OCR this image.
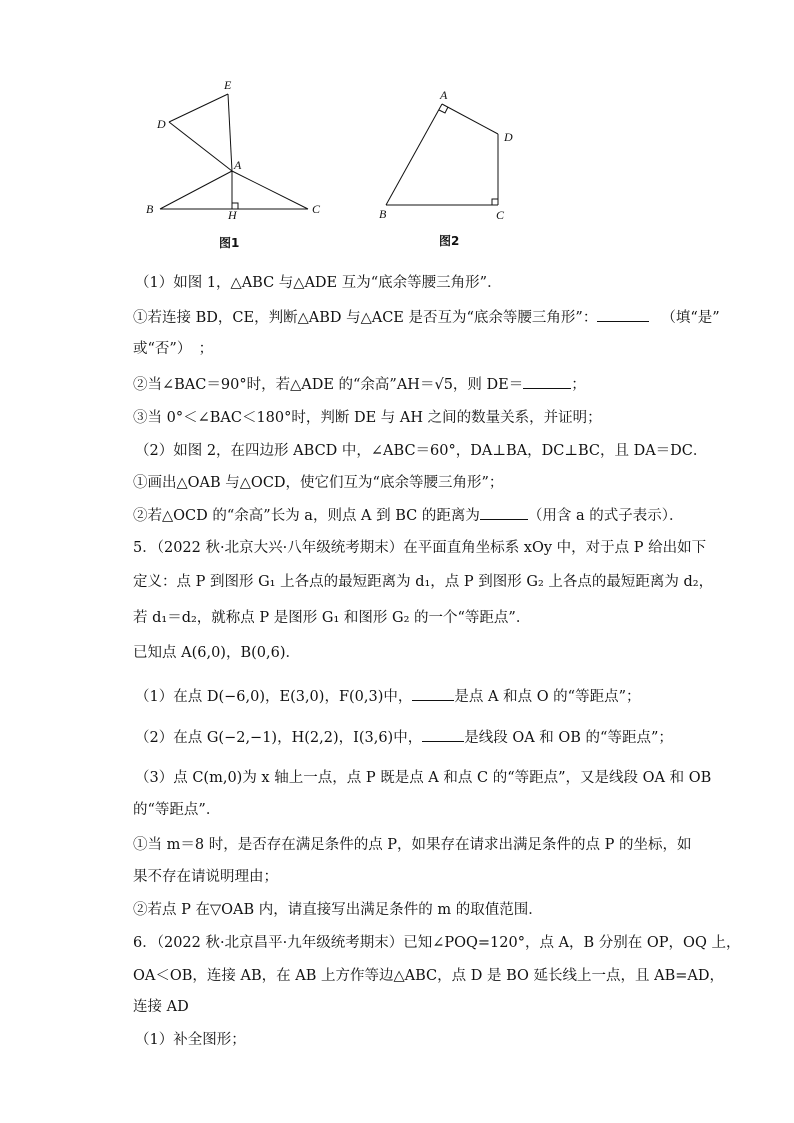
E
D
A
B	H	C
图1
A
D
B	C
图2
（1）如图 1，△ABC 与△ADE 互为“底余等腰三角形”．
①若连接 BD，CE，判断△ABD 与△ACE 是否互为“底余等腰三角形”：	（填“是”
或“否”）　；
②当∠BAC＝90°时，若△ADE 的“余高”AH＝√5，则 DE＝	；
③当 0°＜∠BAC＜180°时，判断 DE 与 AH 之间的数量关系，并证明；
（2）如图 2，在四边形 ABCD 中，∠ABC＝60°，DA⊥BA，DC⊥BC，且 DA＝DC．
①画出△OAB 与△OCD，使它们互为“底余等腰三角形”；
②若△OCD 的“余高”长为 a，则点 A 到 BC 的距离为	（用含 a 的式子表示）．
5．（2022 秋·北京大兴·八年级统考期末）在平面直角坐标系 xOy 中，对于点 P 给出如下
定义：点 P 到图形 G₁ 上各点的最短距离为 d₁，点 P 到图形 G₂ 上各点的最短距离为 d₂，
若 d₁＝d₂，就称点 P 是图形 G₁ 和图形 G₂ 的一个“等距点”．
已知点 A(6,0)，B(0,6)．
（1）在点 D(−6,0)，E(3,0)，F(0,3)中，	是点 A 和点 O 的“等距点”；
（2）在点 G(−2,−1)，H(2,2)，I(3,6)中，	是线段 OA 和 OB 的“等距点”；
（3）点 C(m,0)为 x 轴上一点，点 P 既是点 A 和点 C 的“等距点”，又是线段 OA 和 OB
的“等距点”．
①当 m＝8 时，是否存在满足条件的点 P，如果存在请求出满足条件的点 P 的坐标，如
果不存在请说明理由；
②若点 P 在▽OAB 内，请直接写出满足条件的 m 的取值范围．
6．（2022 秋·北京昌平·九年级统考期末）已知∠POQ=120°，点 A，B 分别在 OP，OQ 上，
OA＜OB，连接 AB，在 AB 上方作等边△ABC，点 D 是 BO 延长线上一点，且 AB=AD，
连接 AD
（1）补全图形；
